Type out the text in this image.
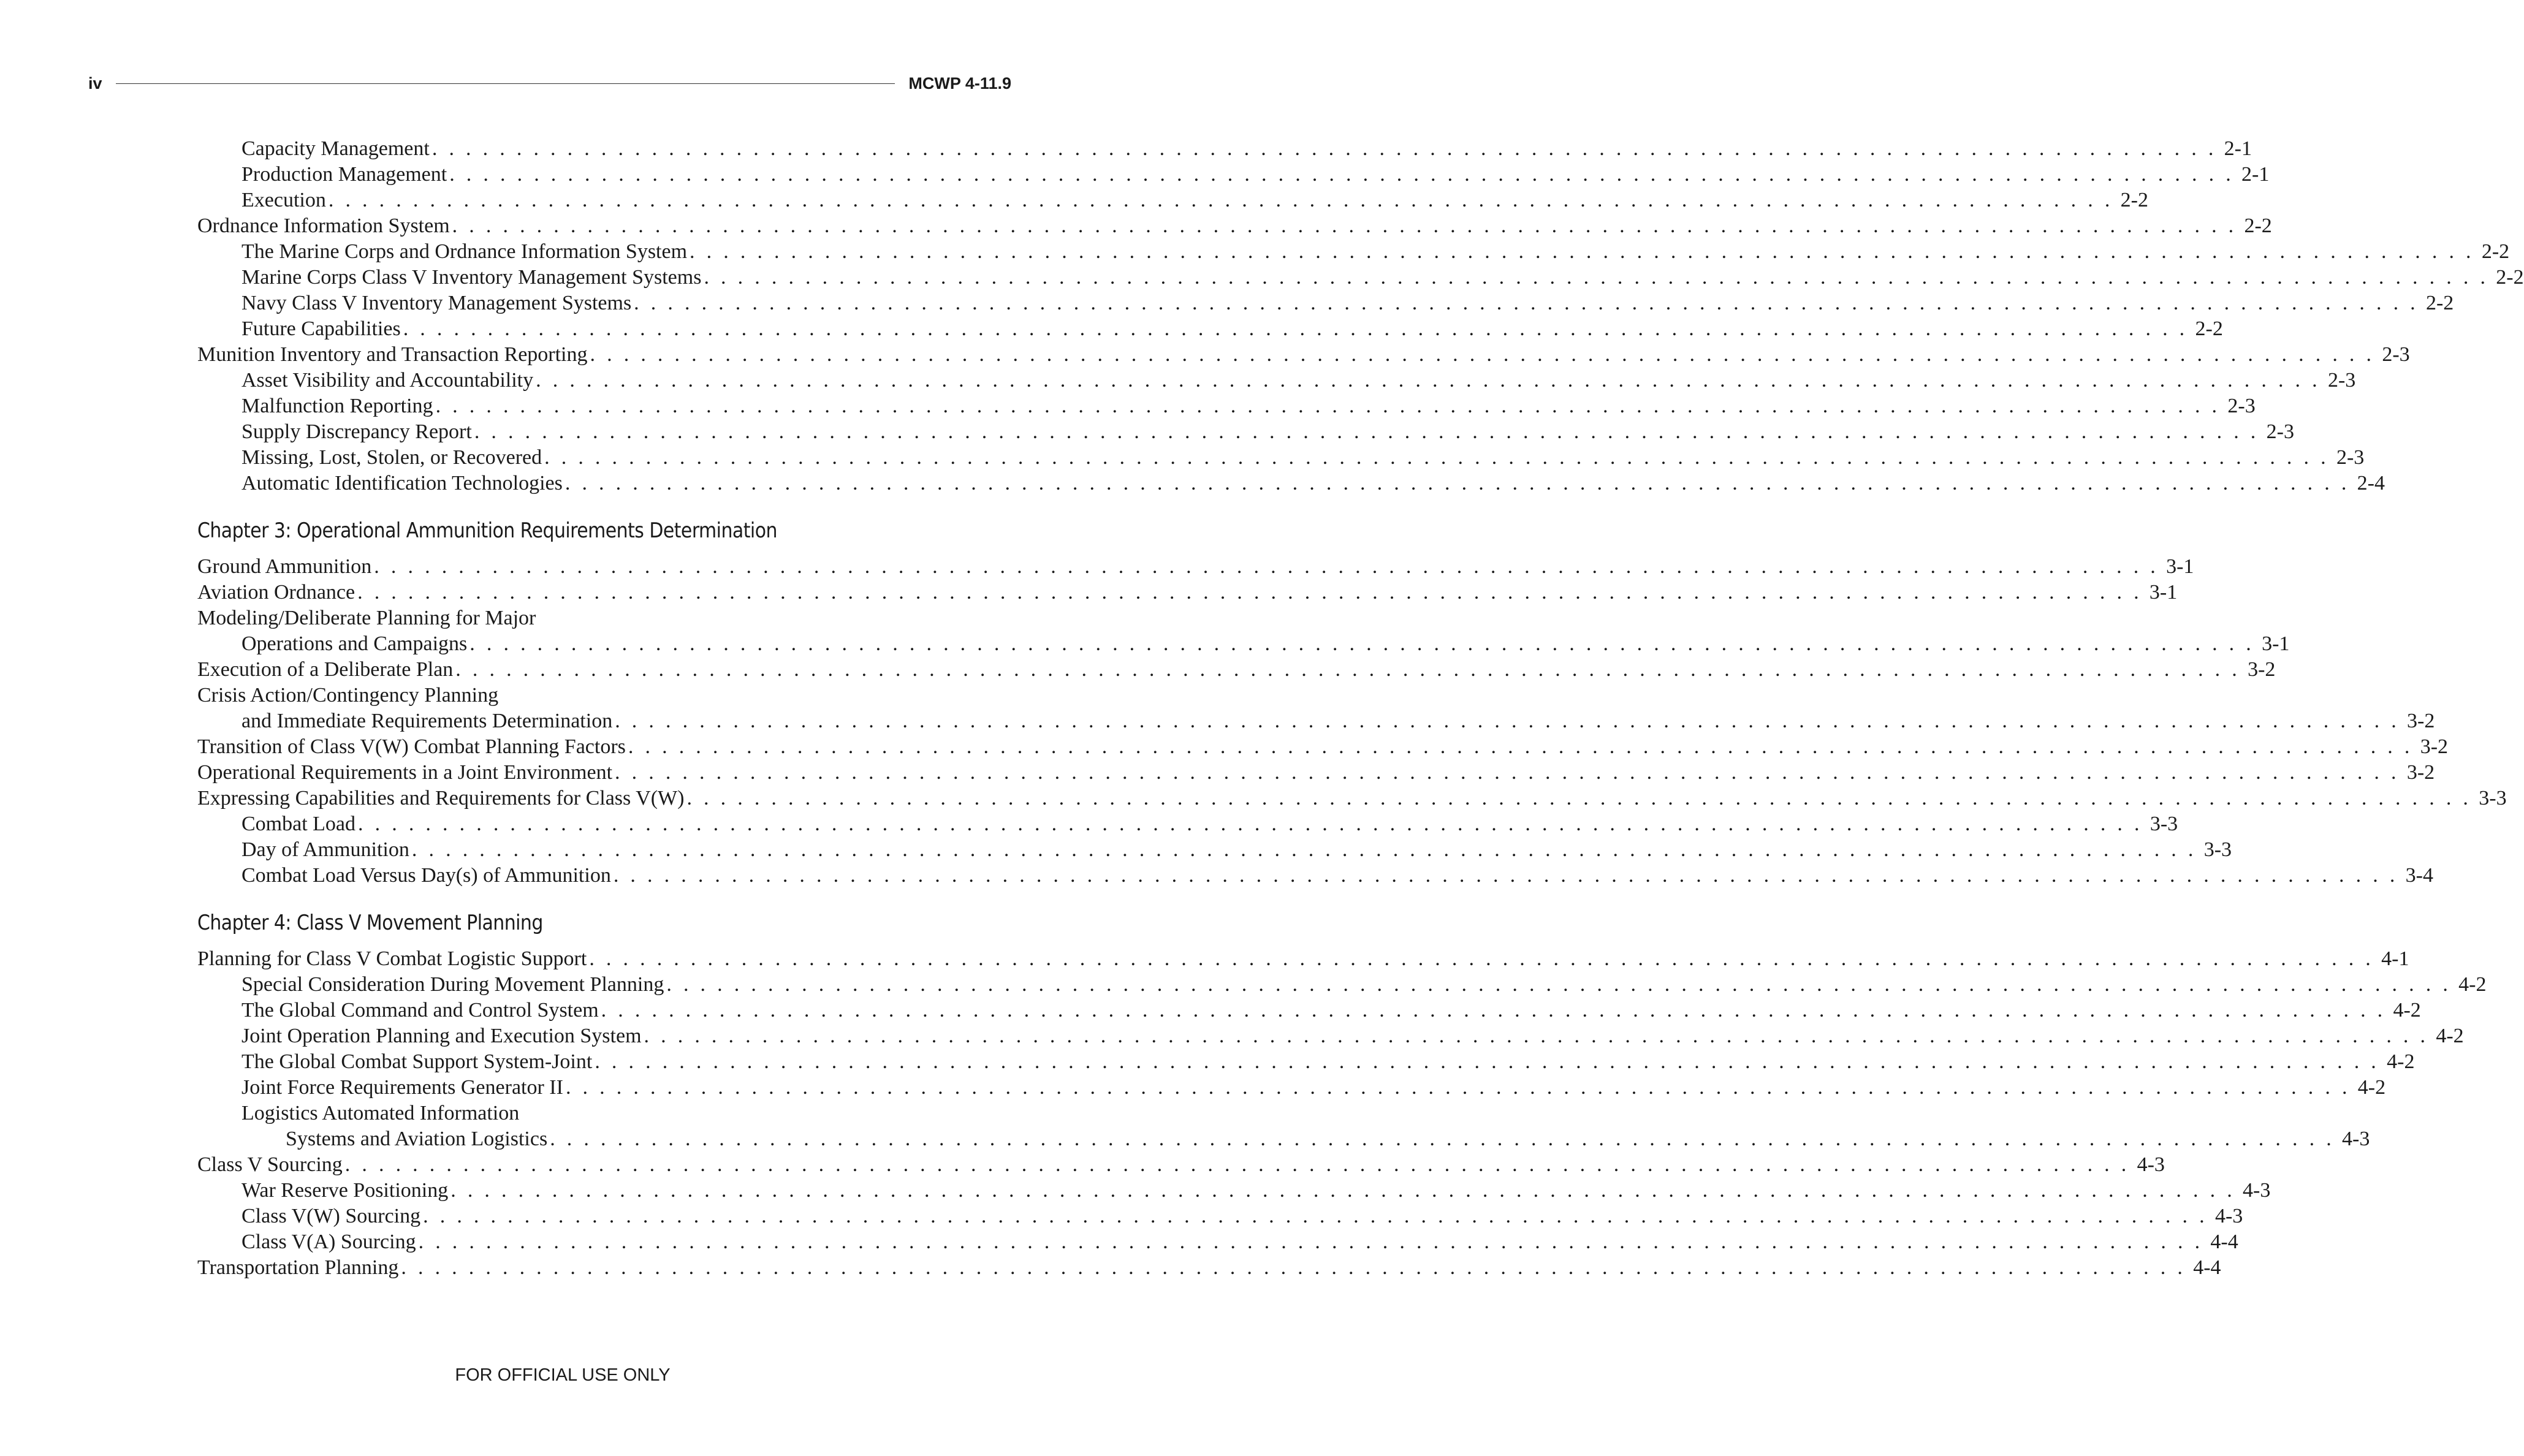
iv	MCWP 4-11.9
Capacity Management . . . . . . . . . . . . . . . . . . . . . . . . . . . . . . . . . . . . . . . . . . . . . . . . . . . . . . . . . . . . . . . . . . . . . . . . . . . . . . . . . . . . . . . . . . . . . . . . . . . . . . . . . . 2-1
Production Management . . . . . . . . . . . . . . . . . . . . . . . . . . . . . . . . . . . . . . . . . . . . . . . . . . . . . . . . . . . . . . . . . . . . . . . . . . . . . . . . . . . . . . . . . . . . . . . . . . . . . . . . . . 2-1
Execution . . . . . . . . . . . . . . . . . . . . . . . . . . . . . . . . . . . . . . . . . . . . . . . . . . . . . . . . . . . . . . . . . . . . . . . . . . . . . . . . . . . . . . . . . . . . . . . . . . . . . . . . . . 2-2
Ordnance Information System . . . . . . . . . . . . . . . . . . . . . . . . . . . . . . . . . . . . . . . . . . . . . . . . . . . . . . . . . . . . . . . . . . . . . . . . . . . . . . . . . . . . . . . . . . . . . . . . . . . . . . . . . . 2-2
The Marine Corps and Ordnance Information System . . . . . . . . . . . . . . . . . . . . . . . . . . . . . . . . . . . . . . . . . . . . . . . . . . . . . . . . . . . . . . . . . . . . . . . . . . . . . . . . . . . . . . . . . . . . . . . . . . . . . . . . . . 2-2
Marine Corps Class V Inventory Management Systems . . . . . . . . . . . . . . . . . . . . . . . . . . . . . . . . . . . . . . . . . . . . . . . . . . . . . . . . . . . . . . . . . . . . . . . . . . . . . . . . . . . . . . . . . . . . . . . . . . . . . . . . . . 2-2
Navy Class V Inventory Management Systems . . . . . . . . . . . . . . . . . . . . . . . . . . . . . . . . . . . . . . . . . . . . . . . . . . . . . . . . . . . . . . . . . . . . . . . . . . . . . . . . . . . . . . . . . . . . . . . . . . . . . . . . . . 2-2
Future Capabilities . . . . . . . . . . . . . . . . . . . . . . . . . . . . . . . . . . . . . . . . . . . . . . . . . . . . . . . . . . . . . . . . . . . . . . . . . . . . . . . . . . . . . . . . . . . . . . . . . . . . . . . . . . 2-2
Munition Inventory and Transaction Reporting . . . . . . . . . . . . . . . . . . . . . . . . . . . . . . . . . . . . . . . . . . . . . . . . . . . . . . . . . . . . . . . . . . . . . . . . . . . . . . . . . . . . . . . . . . . . . . . . . . . . . . . . . . 2-3
Asset Visibility and Accountability . . . . . . . . . . . . . . . . . . . . . . . . . . . . . . . . . . . . . . . . . . . . . . . . . . . . . . . . . . . . . . . . . . . . . . . . . . . . . . . . . . . . . . . . . . . . . . . . . . . . . . . . . . 2-3
Malfunction Reporting . . . . . . . . . . . . . . . . . . . . . . . . . . . . . . . . . . . . . . . . . . . . . . . . . . . . . . . . . . . . . . . . . . . . . . . . . . . . . . . . . . . . . . . . . . . . . . . . . . . . . . . . . . 2-3
Supply Discrepancy Report . . . . . . . . . . . . . . . . . . . . . . . . . . . . . . . . . . . . . . . . . . . . . . . . . . . . . . . . . . . . . . . . . . . . . . . . . . . . . . . . . . . . . . . . . . . . . . . . . . . . . . . . . . 2-3
Missing, Lost, Stolen, or Recovered . . . . . . . . . . . . . . . . . . . . . . . . . . . . . . . . . . . . . . . . . . . . . . . . . . . . . . . . . . . . . . . . . . . . . . . . . . . . . . . . . . . . . . . . . . . . . . . . . . . . . . . . . . 2-3
Automatic Identification Technologies . . . . . . . . . . . . . . . . . . . . . . . . . . . . . . . . . . . . . . . . . . . . . . . . . . . . . . . . . . . . . . . . . . . . . . . . . . . . . . . . . . . . . . . . . . . . . . . . . . . . . . . . . . 2-4
Chapter 3: Operational Ammunition Requirements Determination
Ground Ammunition . . . . . . . . . . . . . . . . . . . . . . . . . . . . . . . . . . . . . . . . . . . . . . . . . . . . . . . . . . . . . . . . . . . . . . . . . . . . . . . . . . . . . . . . . . . . . . . . . . . . . . . . . . 3-1
Aviation Ordnance . . . . . . . . . . . . . . . . . . . . . . . . . . . . . . . . . . . . . . . . . . . . . . . . . . . . . . . . . . . . . . . . . . . . . . . . . . . . . . . . . . . . . . . . . . . . . . . . . . . . . . . . . . 3-1
Modeling/Deliberate Planning for Major
Operations and Campaigns . . . . . . . . . . . . . . . . . . . . . . . . . . . . . . . . . . . . . . . . . . . . . . . . . . . . . . . . . . . . . . . . . . . . . . . . . . . . . . . . . . . . . . . . . . . . . . . . . . . . . . . . . . 3-1
Execution of a Deliberate Plan . . . . . . . . . . . . . . . . . . . . . . . . . . . . . . . . . . . . . . . . . . . . . . . . . . . . . . . . . . . . . . . . . . . . . . . . . . . . . . . . . . . . . . . . . . . . . . . . . . . . . . . . . . 3-2
Crisis Action/Contingency Planning
and Immediate Requirements Determination . . . . . . . . . . . . . . . . . . . . . . . . . . . . . . . . . . . . . . . . . . . . . . . . . . . . . . . . . . . . . . . . . . . . . . . . . . . . . . . . . . . . . . . . . . . . . . . . . . . . . . . . . . 3-2
Transition of Class V(W) Combat Planning Factors . . . . . . . . . . . . . . . . . . . . . . . . . . . . . . . . . . . . . . . . . . . . . . . . . . . . . . . . . . . . . . . . . . . . . . . . . . . . . . . . . . . . . . . . . . . . . . . . . . . . . . . . . . 3-2
Operational Requirements in a Joint Environment . . . . . . . . . . . . . . . . . . . . . . . . . . . . . . . . . . . . . . . . . . . . . . . . . . . . . . . . . . . . . . . . . . . . . . . . . . . . . . . . . . . . . . . . . . . . . . . . . . . . . . . . . . 3-2
Expressing Capabilities and Requirements for Class V(W) . . . . . . . . . . . . . . . . . . . . . . . . . . . . . . . . . . . . . . . . . . . . . . . . . . . . . . . . . . . . . . . . . . . . . . . . . . . . . . . . . . . . . . . . . . . . . . . . . . . . . . . . . . 3-3
Combat Load . . . . . . . . . . . . . . . . . . . . . . . . . . . . . . . . . . . . . . . . . . . . . . . . . . . . . . . . . . . . . . . . . . . . . . . . . . . . . . . . . . . . . . . . . . . . . . . . . . . . . . . . . . 3-3
Day of Ammunition . . . . . . . . . . . . . . . . . . . . . . . . . . . . . . . . . . . . . . . . . . . . . . . . . . . . . . . . . . . . . . . . . . . . . . . . . . . . . . . . . . . . . . . . . . . . . . . . . . . . . . . . . . 3-3
Combat Load Versus Day(s) of Ammunition . . . . . . . . . . . . . . . . . . . . . . . . . . . . . . . . . . . . . . . . . . . . . . . . . . . . . . . . . . . . . . . . . . . . . . . . . . . . . . . . . . . . . . . . . . . . . . . . . . . . . . . . . . 3-4
Chapter 4: Class V Movement Planning
Planning for Class V Combat Logistic Support . . . . . . . . . . . . . . . . . . . . . . . . . . . . . . . . . . . . . . . . . . . . . . . . . . . . . . . . . . . . . . . . . . . . . . . . . . . . . . . . . . . . . . . . . . . . . . . . . . . . . . . . . . 4-1
Special Consideration During Movement Planning . . . . . . . . . . . . . . . . . . . . . . . . . . . . . . . . . . . . . . . . . . . . . . . . . . . . . . . . . . . . . . . . . . . . . . . . . . . . . . . . . . . . . . . . . . . . . . . . . . . . . . . . . . 4-2
The Global Command and Control System . . . . . . . . . . . . . . . . . . . . . . . . . . . . . . . . . . . . . . . . . . . . . . . . . . . . . . . . . . . . . . . . . . . . . . . . . . . . . . . . . . . . . . . . . . . . . . . . . . . . . . . . . . 4-2
Joint Operation Planning and Execution System . . . . . . . . . . . . . . . . . . . . . . . . . . . . . . . . . . . . . . . . . . . . . . . . . . . . . . . . . . . . . . . . . . . . . . . . . . . . . . . . . . . . . . . . . . . . . . . . . . . . . . . . . . 4-2
The Global Combat Support System-Joint . . . . . . . . . . . . . . . . . . . . . . . . . . . . . . . . . . . . . . . . . . . . . . . . . . . . . . . . . . . . . . . . . . . . . . . . . . . . . . . . . . . . . . . . . . . . . . . . . . . . . . . . . . 4-2
Joint Force Requirements Generator II . . . . . . . . . . . . . . . . . . . . . . . . . . . . . . . . . . . . . . . . . . . . . . . . . . . . . . . . . . . . . . . . . . . . . . . . . . . . . . . . . . . . . . . . . . . . . . . . . . . . . . . . . . 4-2
Logistics Automated Information
Systems and Aviation Logistics . . . . . . . . . . . . . . . . . . . . . . . . . . . . . . . . . . . . . . . . . . . . . . . . . . . . . . . . . . . . . . . . . . . . . . . . . . . . . . . . . . . . . . . . . . . . . . . . . . . . . . . . . . 4-3
Class V Sourcing . . . . . . . . . . . . . . . . . . . . . . . . . . . . . . . . . . . . . . . . . . . . . . . . . . . . . . . . . . . . . . . . . . . . . . . . . . . . . . . . . . . . . . . . . . . . . . . . . . . . . . . . . . 4-3
War Reserve Positioning . . . . . . . . . . . . . . . . . . . . . . . . . . . . . . . . . . . . . . . . . . . . . . . . . . . . . . . . . . . . . . . . . . . . . . . . . . . . . . . . . . . . . . . . . . . . . . . . . . . . . . . . . . 4-3
Class V(W) Sourcing . . . . . . . . . . . . . . . . . . . . . . . . . . . . . . . . . . . . . . . . . . . . . . . . . . . . . . . . . . . . . . . . . . . . . . . . . . . . . . . . . . . . . . . . . . . . . . . . . . . . . . . . . . 4-3
Class V(A) Sourcing . . . . . . . . . . . . . . . . . . . . . . . . . . . . . . . . . . . . . . . . . . . . . . . . . . . . . . . . . . . . . . . . . . . . . . . . . . . . . . . . . . . . . . . . . . . . . . . . . . . . . . . . . . 4-4
Transportation Planning . . . . . . . . . . . . . . . . . . . . . . . . . . . . . . . . . . . . . . . . . . . . . . . . . . . . . . . . . . . . . . . . . . . . . . . . . . . . . . . . . . . . . . . . . . . . . . . . . . . . . . . . . . 4-4
FOR OFFICIAL USE ONLY
